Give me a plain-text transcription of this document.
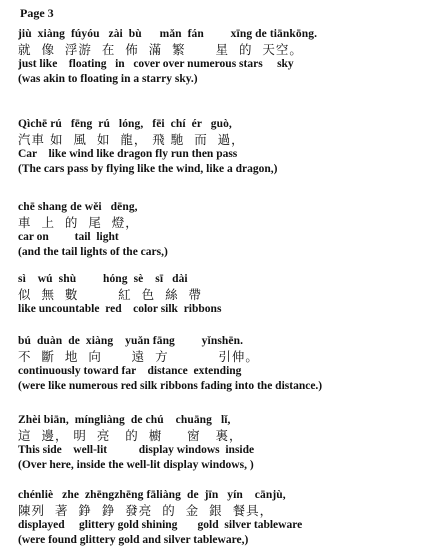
Page 3
jiù  xiàng  fúyóu   zài  bù      mǎn  fán         xīng de tiānkōng.
就  像  浮游  在  佈  滿  繁      星  的  天空。
just like    floating   in   cover over numerous stars     sky
(was akin to floating in a starry sky.)
Qìchē rú   fēng  rú   lóng,   fēi  chí  ér   guò,
汽車 如  風  如  龍， 飛 馳  而  過，
Car    like wind like dragon fly run then pass
(The cars pass by flying like the wind, like a dragon,)
chē shang de wěi   dēng,
車  上  的  尾  燈，
car on         tail  light
(and the tail lights of the cars,)
sì    wú  shù         hóng  sè    sī   dài
似  無  數        紅  色  絲  帶
like uncountable  red    color silk  ribbons
bú  duàn  de  xiàng    yuǎn fāng         yǐnshēn.
不  斷  地  向      遠  方          引伸。
continuously toward far    distance  extending
(were like numerous red silk ribbons fading into the distance.)
Zhèi biān,  míngliàng  de chú    chuāng   lǐ,
這  邊， 明  亮   的  櫥     窗   裏，
This side    well-lit           display windows  inside
(Over here, inside the well-lit display windows, )
chénliè   zhe  zhēngzhēng fāliàng  de  jīn   yín    cānjù,
陳列  著  錚  錚  發亮  的  金  銀  餐具，
displayed     glittery gold shining       gold  silver tableware
(were found glittery gold and silver tableware,)
